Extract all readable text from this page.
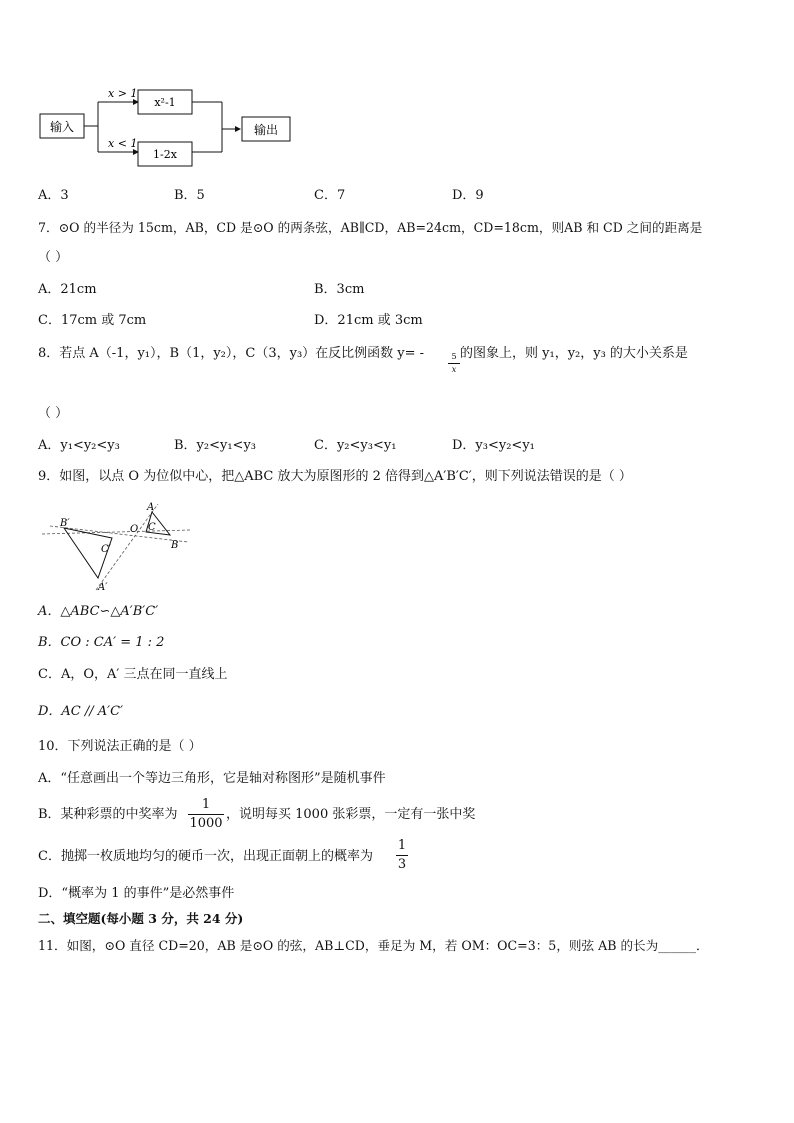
输入
x > 1
x < 1
x²-1
1-2x
输出
A．3	B．5	C．7	D．9
7．⊙O 的半径为 15cm，AB，CD 是⊙O 的两条弦，AB∥CD，AB=24cm，CD=18cm，则AB 和 CD 之间的距离是
（ ）
A．21cm	B．3cm
C．17cm 或 7cm	D．21cm 或 3cm
8．若点 A（-1，y₁），B（1，y₂），C（3，y₃）在反比例函数 y= -	5
x
的图象上，则 y₁，y₂，y₃ 的大小关系是
（ ）
A．y₁<y₂<y₃	B．y₂<y₁<y₃	C．y₂<y₃<y₁	D．y₃<y₂<y₁
9．如图，以点 O 为位似中心，把△ABC 放大为原图形的 2 倍得到△A′B′C′，则下列说法错误的是（ ）
B′
C′
A′
O
A
C
B
A．△ABC∽△A′B′C′
B．CO : CA′ = 1 : 2
C．A，O，A′ 三点在同一直线上
D．AC // A′C′
10．下列说法正确的是（ ）
A．“任意画出一个等边三角形，它是轴对称图形”是随机事件
B．某种彩票的中奖率为
1
1000
，说明每买 1000 张彩票，一定有一张中奖
C．抛掷一枚质地均匀的硬币一次，出现正面朝上的概率为
1
3
D．“概率为 1 的事件”是必然事件
二、填空题(每小题 3 分，共 24 分)
11．如图，⊙O 直径 CD=20，AB 是⊙O 的弦，AB⊥CD，垂足为 M，若 OM：OC=3：5，则弦 AB 的长为______．
